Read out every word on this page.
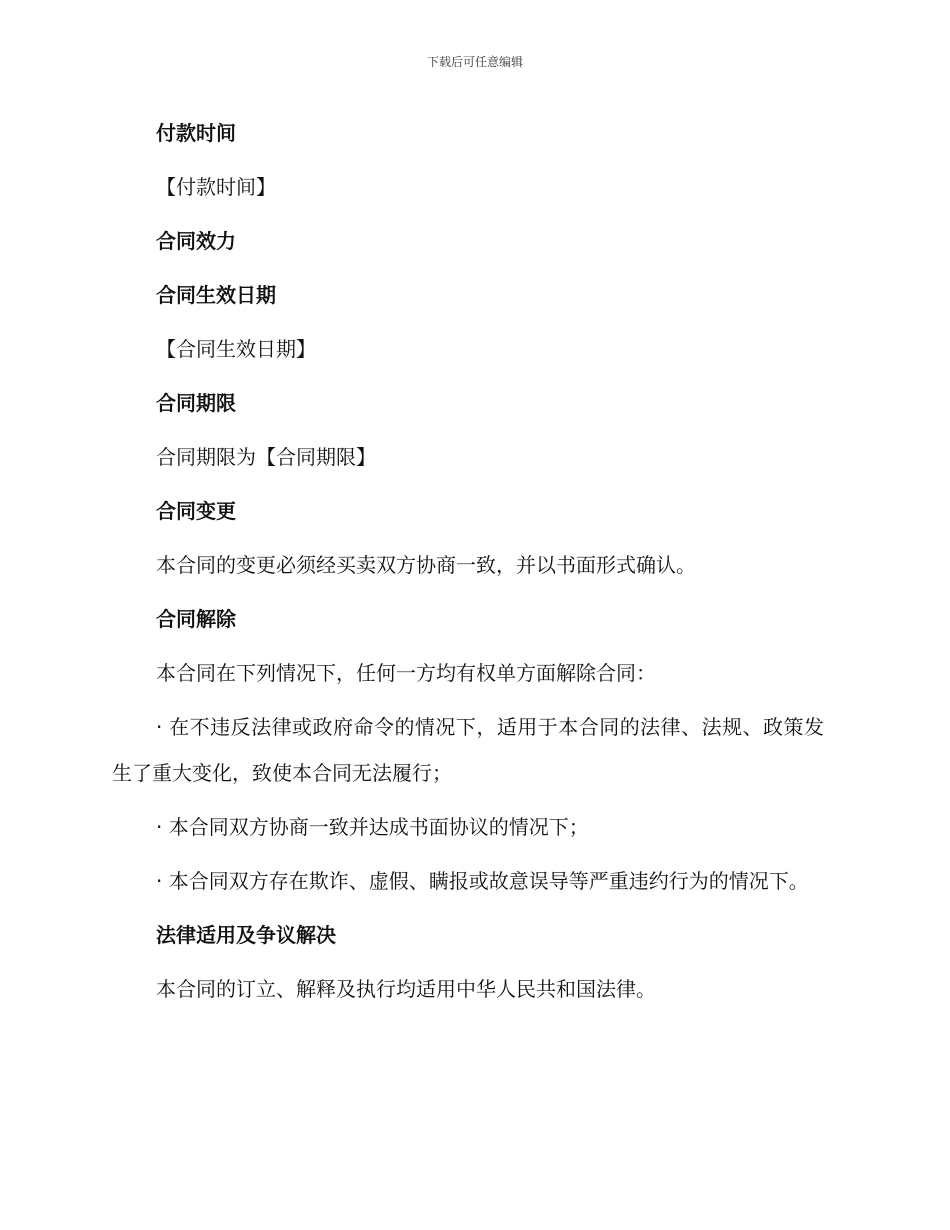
下载后可任意编辑
付款时间
【付款时间】
合同效力
合同生效日期
【合同生效日期】
合同期限
合同期限为【合同期限】
合同变更
本合同的变更必须经买卖双方协商一致，并以书面形式确认。
合同解除
本合同在下列情况下，任何一方均有权单方面解除合同：
· 在不违反法律或政府命令的情况下，适用于本合同的法律、法规、政策发生了重大变化，致使本合同无法履行；
· 本合同双方协商一致并达成书面协议的情况下；
· 本合同双方存在欺诈、虚假、瞒报或故意误导等严重违约行为的情况下。
法律适用及争议解决
本合同的订立、解释及执行均适用中华人民共和国法律。
